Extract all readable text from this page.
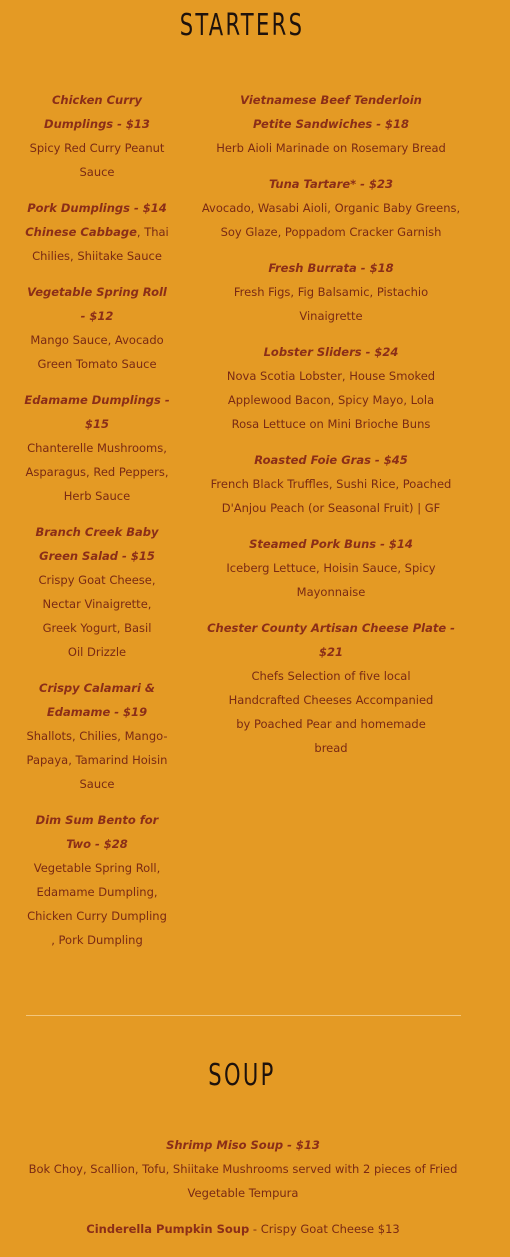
STARTERS
Chicken Curry Dumplings - $13
Spicy Red Curry Peanut Sauce
Pork Dumplings - $14
Chinese Cabbage, Thai Chilies, Shiitake Sauce
Vegetable Spring Roll - $12
Mango Sauce, Avocado Green Tomato Sauce
Edamame Dumplings - $15
Chanterelle Mushrooms, Asparagus, Red Peppers, Herb Sauce
Branch Creek Baby Green Salad - $15
Crispy Goat Cheese, Nectar Vinaigrette, Greek Yogurt, Basil Oil Drizzle
Crispy Calamari & Edamame - $19
Shallots, Chilies, Mango-Papaya, Tamarind Hoisin Sauce
Dim Sum Bento for Two - $28
Vegetable Spring Roll, Edamame Dumpling, Chicken Curry Dumpling , Pork Dumpling
Vietnamese Beef Tenderloin Petite Sandwiches - $18
Herb Aioli Marinade on Rosemary Bread
Tuna Tartare* - $23
Avocado, Wasabi Aioli, Organic Baby Greens, Soy Glaze, Poppadom Cracker Garnish
Fresh Burrata - $18
Fresh Figs, Fig Balsamic, Pistachio Vinaigrette
Lobster Sliders - $24
Nova Scotia Lobster, House Smoked Applewood Bacon, Spicy Mayo, Lola Rosa Lettuce on Mini Brioche Buns
Roasted Foie Gras - $45
French Black Truffles, Sushi Rice, Poached D'Anjou Peach (or Seasonal Fruit) | GF
Steamed Pork Buns - $14
Iceberg Lettuce, Hoisin Sauce, Spicy Mayonnaise
Chester County Artisan Cheese Plate - $21
Chefs Selection of five local Handcrafted Cheeses Accompanied by Poached Pear and homemade bread
SOUP
Shrimp Miso Soup - $13
Bok Choy, Scallion, Tofu, Shiitake Mushrooms served with 2 pieces of Fried Vegetable Tempura
Cinderella Pumpkin Soup - Crispy Goat Cheese $13
